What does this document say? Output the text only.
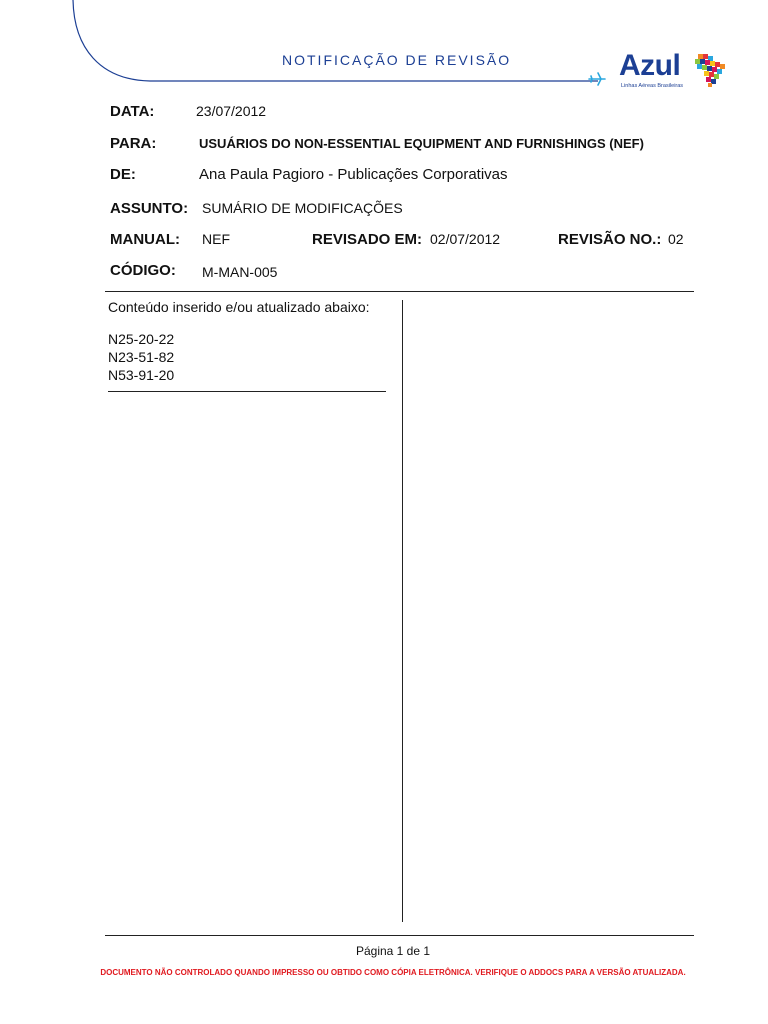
NOTIFICAÇÃO DE REVISÃO	Azul
Linhas Aéreas Brasileiras
DATA:	23/07/2012
PARA:	USUÁRIOS DO NON-ESSENTIAL EQUIPMENT AND FURNISHINGS (NEF)
DE:	Ana Paula Pagioro - Publicações Corporativas
ASSUNTO: SUMÁRIO DE MODIFICAÇÕES
MANUAL: NEF	REVISADO EM: 02/07/2012	REVISÃO NO.: 02
CÓDIGO: M-MAN-005
Conteúdo inserido e/ou atualizado abaixo:
N25-20-22
N23-51-82
N53-91-20
Página 1 de 1
DOCUMENTO NÃO CONTROLADO QUANDO IMPRESSO OU OBTIDO COMO CÓPIA ELETRÔNICA. VERIFIQUE O ADDOCS PARA A VERSÃO ATUALIZADA.
